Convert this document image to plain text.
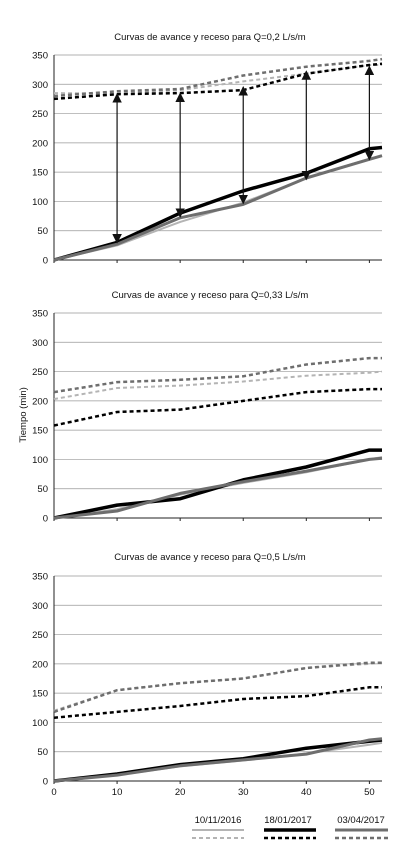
Tiempo (min)
10/11/2016 18/01/2017	03/04/2017
Curvas de avance y receso para Q=0,2 L/s/m
0
50
100
150
200
250
300
350
Curvas de avance y receso para Q=0,33 L/s/m
0
50
100
150
200
250
300
350
Curvas de avance y receso para Q=0,5 L/s/m
0
50
100
150
200
250
300
350
0	10	20	30	40	50
